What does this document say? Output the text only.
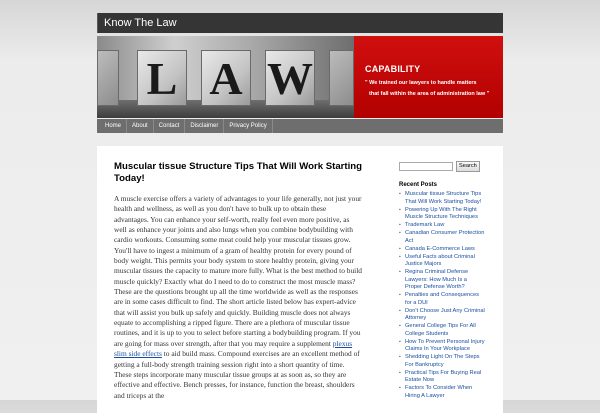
Know The Law
L A W	CAPABILITY
" We trained our lawyers to handle matters
that fall within the area of administration law "
Home	About	Contact	Disclaimer	Privacy Policy
Muscular tissue Structure Tips That Will Work Starting Today!
A muscle exercise offers a variety of advantages to your life generally, not just your health and wellness, as well as you don't have to bulk up to obtain these advantages. You can enhance your self-worth, really feel even more positive, as well as enhance your joints and also lungs when you combine bodybuilding with cardio workouts. Consuming some meat could help your muscular tissues grow. You'll have to ingest a minimum of a gram of healthy protein for every pound of body weight. This permits your body system to store healthy protein, giving your muscular tissues the capacity to mature more fully. What is the best method to build muscle quickly? Exactly what do I need to do to construct the most muscle mass? These are the questions brought up all the time worldwide as well as the responses are in some cases difficult to find. The short article listed below has expert-advice that will assist you bulk up safely and quickly. Building muscle does not always equate to accomplishing a ripped figure. There are a plethora of muscular tissue routines, and it is up to you to select before starting a bodybuilding program. If you are going for mass over strength, after that you may require a supplement plexus slim side effects to aid build mass. Compound exercises are an excellent method of getting a full-body strength training session right into a short quantity of time. These steps incorporate many muscular tissue groups at as soon as, so they are effective and effective. Bench presses, for instance, function the breast, shoulders and triceps at the
Search
Recent Posts
▪ Muscular tissue Structure Tips That Will Work Starting Today!
▪ Powering Up With The Right Muscle Structure Techniques
▪ Trademark Law
▪ Canadian Consumer Protection Act
▪ Canada E-Commerce Laws
▪ Useful Facts about Criminal Justice Majors
▪ Regina Criminal Defense Lawyers: How Much Is a Proper Defense Worth?
▪ Penalties and Consequences for a DUI
▪ Don't Choose Just Any Criminal Attorney
▪ General College Tips For All College Students
▪ How To Prevent Personal Injury Claims In Your Workplace
▪ Shedding Light On The Steps For Bankruptcy
▪ Practical Tips For Buying Real Estate Now
▪ Factors To Consider When Hiring A Lawyer
